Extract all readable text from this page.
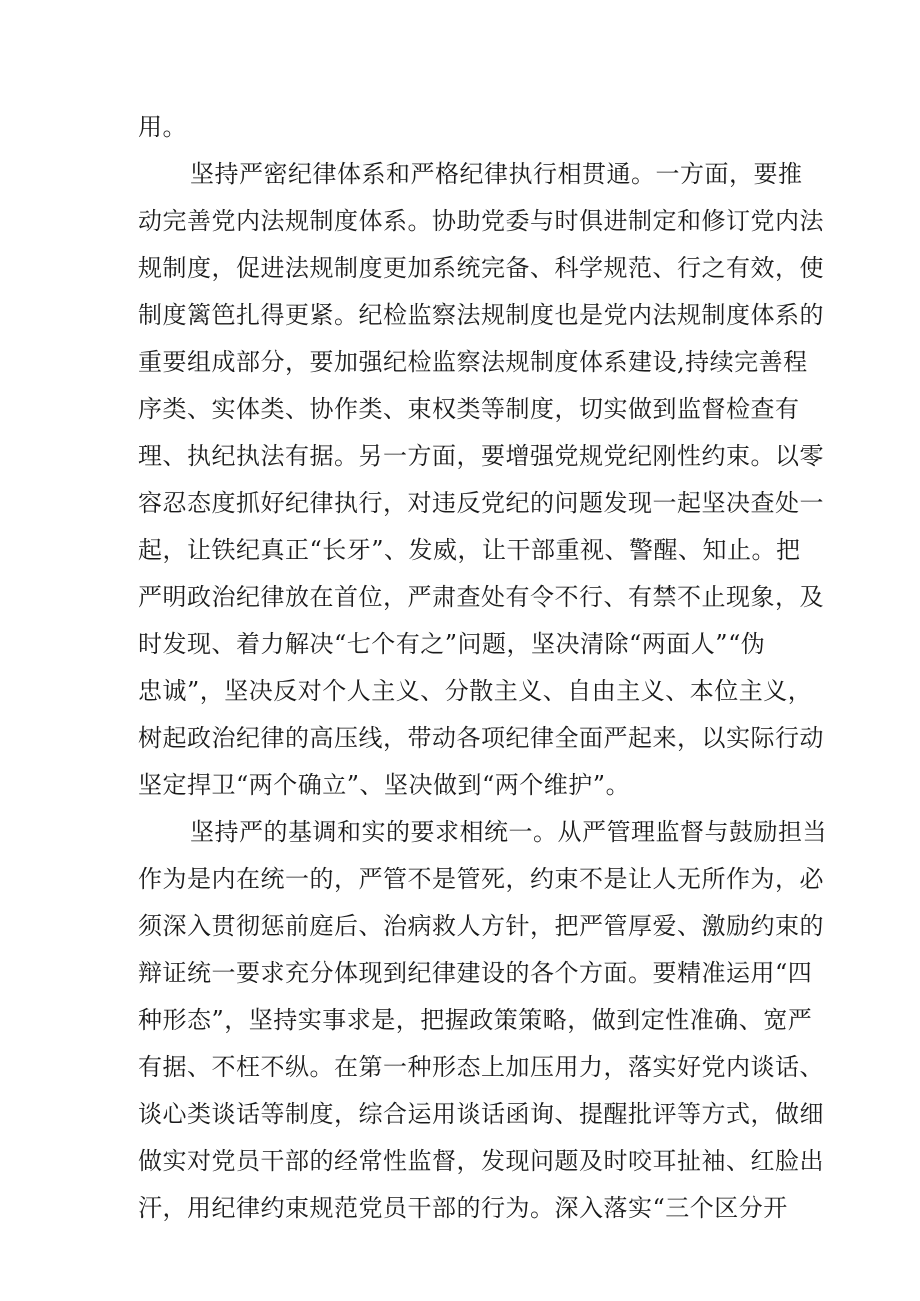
用。
坚持严密纪律体系和严格纪律执行相贯通。一方面，要推
动完善党内法规制度体系。协助党委与时俱进制定和修订党内法
规制度，促进法规制度更加系统完备、科学规范、行之有效，使
制度篱笆扎得更紧。纪检监察法规制度也是党内法规制度体系的
重要组成部分，要加强纪检监察法规制度体系建设,持续完善程
序类、实体类、协作类、束权类等制度，切实做到监督检查有
理、执纪执法有据。另一方面，要增强党规党纪刚性约束。以零
容忍态度抓好纪律执行，对违反党纪的问题发现一起坚决查处一
起，让铁纪真正“长牙”、发威，让干部重视、警醒、知止。把
严明政治纪律放在首位，严肃查处有令不行、有禁不止现象，及
时发现、着力解决“七个有之”问题，坚决清除“两面人”“伪
忠诚”，坚决反对个人主义、分散主义、自由主义、本位主义，
树起政治纪律的高压线，带动各项纪律全面严起来，以实际行动
坚定捍卫“两个确立”、坚决做到“两个维护”。
坚持严的基调和实的要求相统一。从严管理监督与鼓励担当
作为是内在统一的，严管不是管死，约束不是让人无所作为，必
须深入贯彻惩前庭后、治病救人方针，把严管厚爱、激励约束的
辩证统一要求充分体现到纪律建设的各个方面。要精准运用“四
种形态”，坚持实事求是，把握政策策略，做到定性准确、宽严
有据、不枉不纵。在第一种形态上加压用力，落实好党内谈话、
谈心类谈话等制度，综合运用谈话函询、提醒批评等方式，做细
做实对党员干部的经常性监督，发现问题及时咬耳扯袖、红脸出
汗，用纪律约束规范党员干部的行为。深入落实“三个区分开
